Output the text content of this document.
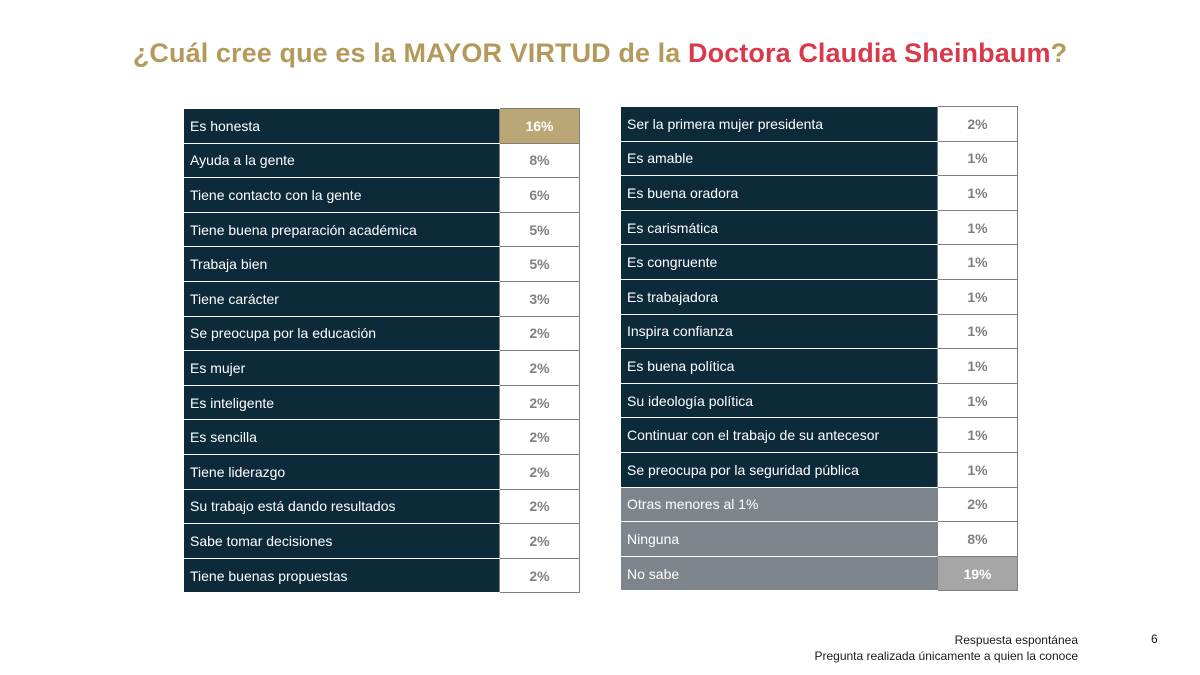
¿Cuál cree que es la MAYOR VIRTUD de la Doctora Claudia Sheinbaum?
Es honesta	16%
Ayuda a la gente	8%
Tiene contacto con la gente	6%
Tiene buena preparación académica	5%
Trabaja bien	5%
Tiene carácter	3%
Se preocupa por la educación	2%
Es mujer	2%
Es inteligente	2%
Es sencilla	2%
Tiene liderazgo	2%
Su trabajo está dando resultados	2%
Sabe tomar decisiones	2%
Tiene buenas propuestas	2%
Ser la primera mujer presidenta	2%
Es amable	1%
Es buena oradora	1%
Es carismática	1%
Es congruente	1%
Es trabajadora	1%
Inspira confianza	1%
Es buena política	1%
Su ideología política	1%
Continuar con el trabajo de su antecesor	1%
Se preocupa por la seguridad pública	1%
Otras menores al 1%	2%
Ninguna	8%
No sabe	19%
Respuesta espontánea
Pregunta realizada únicamente a quien la conoce
6
